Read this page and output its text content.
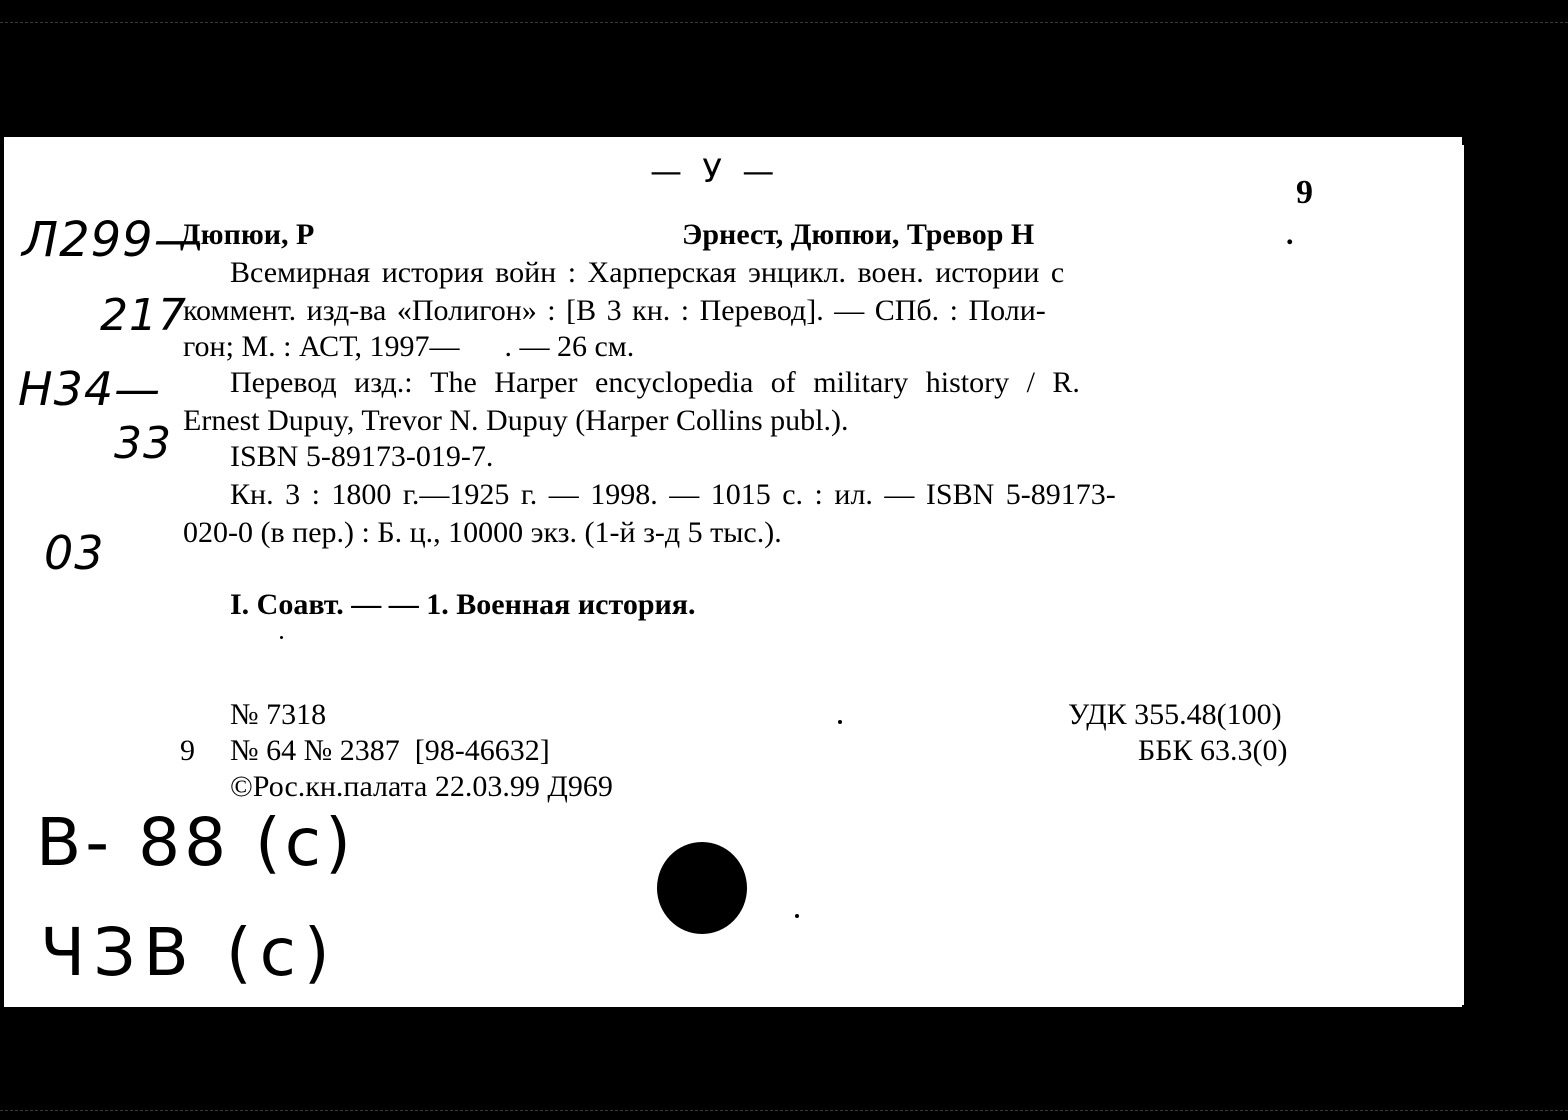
9
Дюпюи, Р	Эрнест, Дюпюи, Тревор Н	.
Всемирная история войн : Харперская энцикл. воен. истории с
коммент. изд-ва «Полигон» : [В 3 кн. : Перевод]. — СПб. : Поли-
гон; М. : АСТ, 1997—      . — 26 см.
Перевод изд.: The Harper encyclopedia of military history / R.
Ernest Dupuy, Trevor N. Dupuy (Harper Collins publ.).
ISBN 5-89173-019-7.
Кн. 3 : 1800 г.—1925 г. — 1998. — 1015 с. : ил. — ISBN 5-89173-
020-0 (в пер.) : Б. ц., 10000 экз. (1-й з-д 5 тыс.).
I. Соавт. — — 1. Военная история.
№ 7318
9 № 64 № 2387  [98-46632]
©Рос.кн.палата 22.03.99 Д969
УДК 355.48(100)
ББК 63.3(0)
—  У  —
Л299—
217
Н34—
33
03
В- 88 (с)
ЧЗВ (с)
